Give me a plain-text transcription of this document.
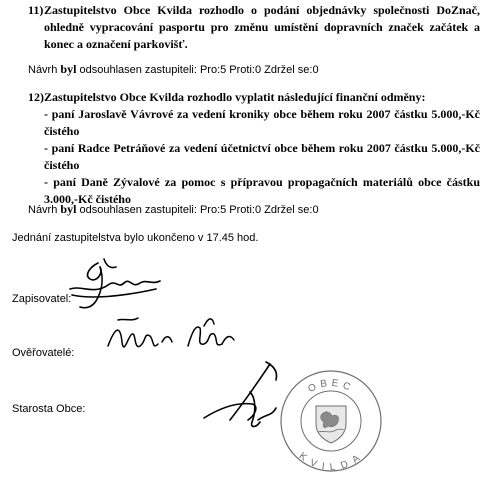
11) Zastupitelstvo Obce Kvilda rozhodlo o podání objednávky společnosti DoZnač, ohledně vypracování pasportu pro změnu umístění dopravních značek začátek a konec a označení parkovišť.
Návrh byl odsouhlasen zastupiteli: Pro:5 Proti:0 Zdržel se:0
12) Zastupitelstvo Obce Kvilda rozhodlo vyplatit následující finanční odměny:
- paní Jaroslavě Vávrové za vedení kroniky obce během roku 2007 částku 5.000,-Kč čistého
- paní Radce Petráňové za vedení účetnictví obce během roku 2007 částku 5.000,-Kč čistého
- paní Daně Zývalové za pomoc s přípravou propagačních materiálů obce částku 3.000,-Kč čistého
Návrh byl odsouhlasen zastupiteli: Pro:5 Proti:0 Zdržel se:0
Jednání zastupitelstva bylo ukončeno v 17.45 hod.
Zapisovatel:
Ověřovatelé:
Starosta Obce:
OBEC
KVILDA
